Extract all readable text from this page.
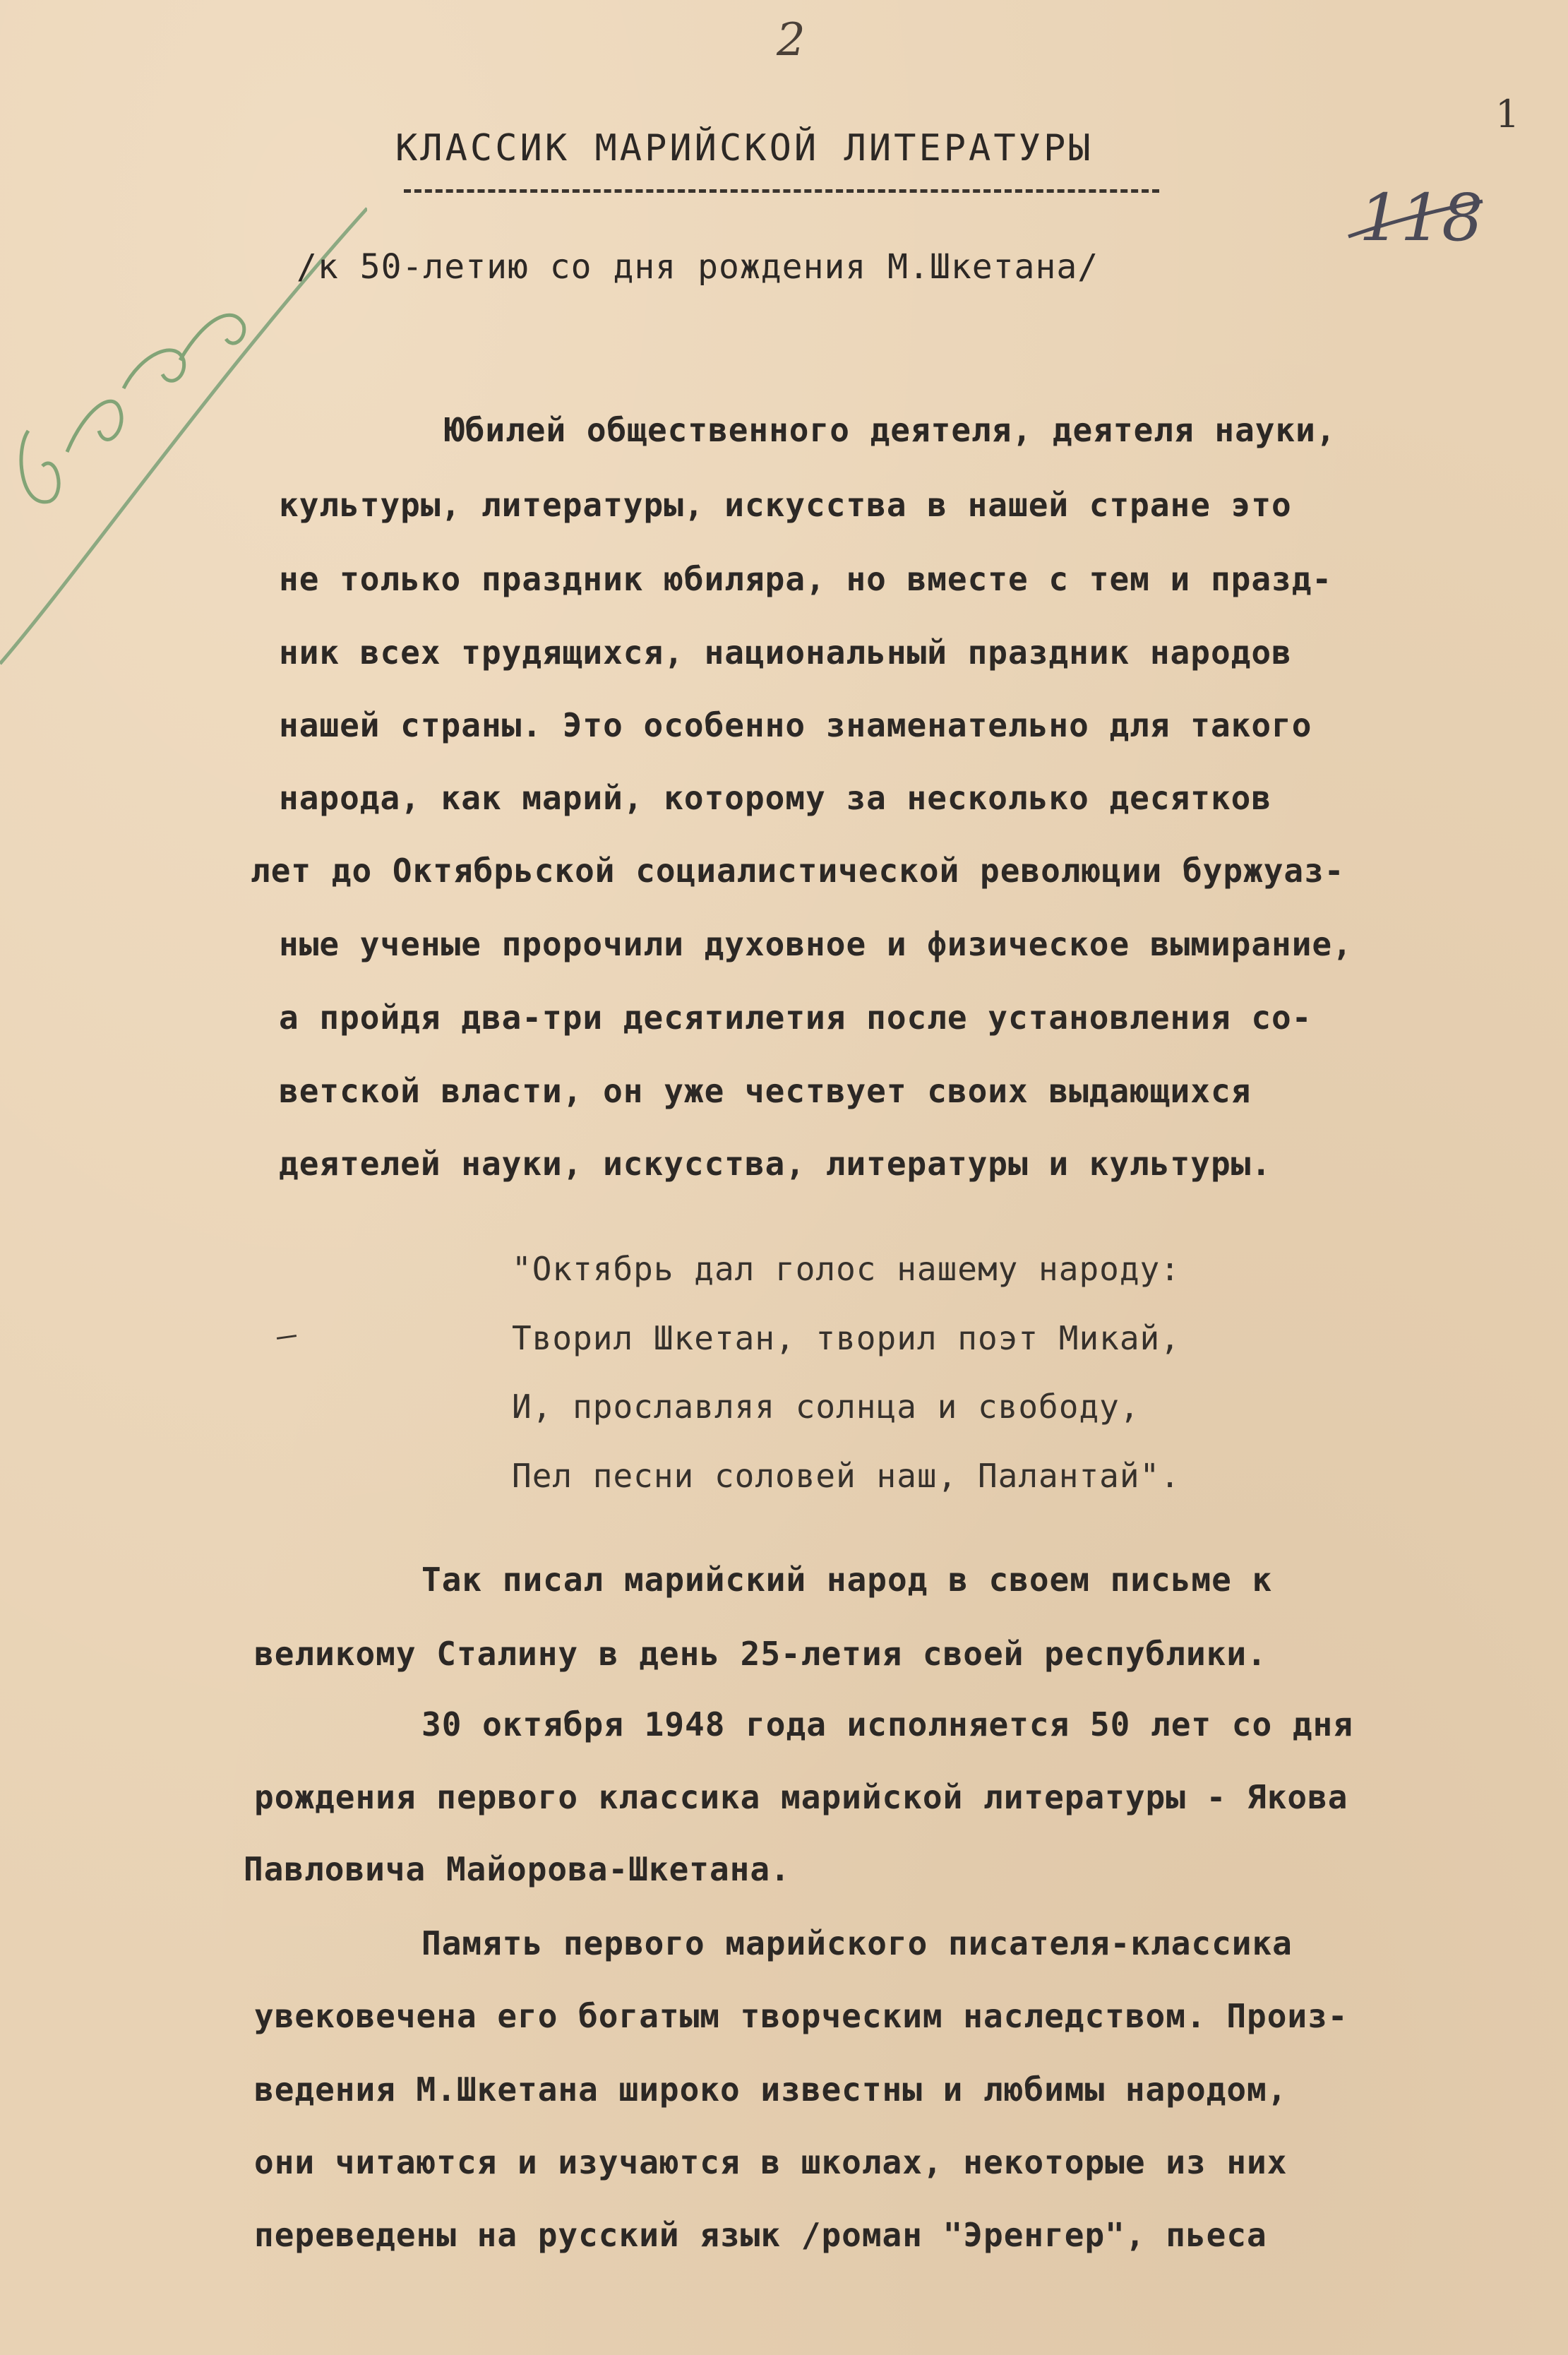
2
1
118
КЛАССИК МАРИЙСКОЙ ЛИТЕРАТУРЫ
/к 50-летию со дня рождения М.Шкетана/
Юбилей общественного деятеля, деятеля науки,
культуры, литературы, искусства в нашей стране это
не только праздник юбиляра, но вместе с тем и празд-
ник всех трудящихся, национальный праздник народов
нашей страны. Это особенно знаменательно для такого
народа, как марий, которому за несколько десятков
лет до Октябрьской социалистической революции буржуаз-
ные ученые пророчили духовное и физическое вымирание,
а пройдя два-три десятилетия после установления со-
ветской власти, он уже чествует своих выдающихся
деятелей науки, искусства, литературы и культуры.
"Октябрь дал голос нашему народу:
Творил Шкетан, творил поэт Микай,
И, прославляя солнца и свободу,
Пел песни соловей наш, Палантай".
Так писал марийский народ в своем письме к
великому Сталину в день 25-летия своей республики.
30 октября 1948 года исполняется 50 лет со дня
рождения первого классика марийской литературы - Якова
Павловича Майорова-Шкетана.
Память первого марийского писателя-классика
увековечена его богатым творческим наследством. Произ-
ведения М.Шкетана широко известны и любимы народом,
они читаются и изучаются в школах, некоторые из них
переведены на русский язык /роман "Эренгер", пьеса
